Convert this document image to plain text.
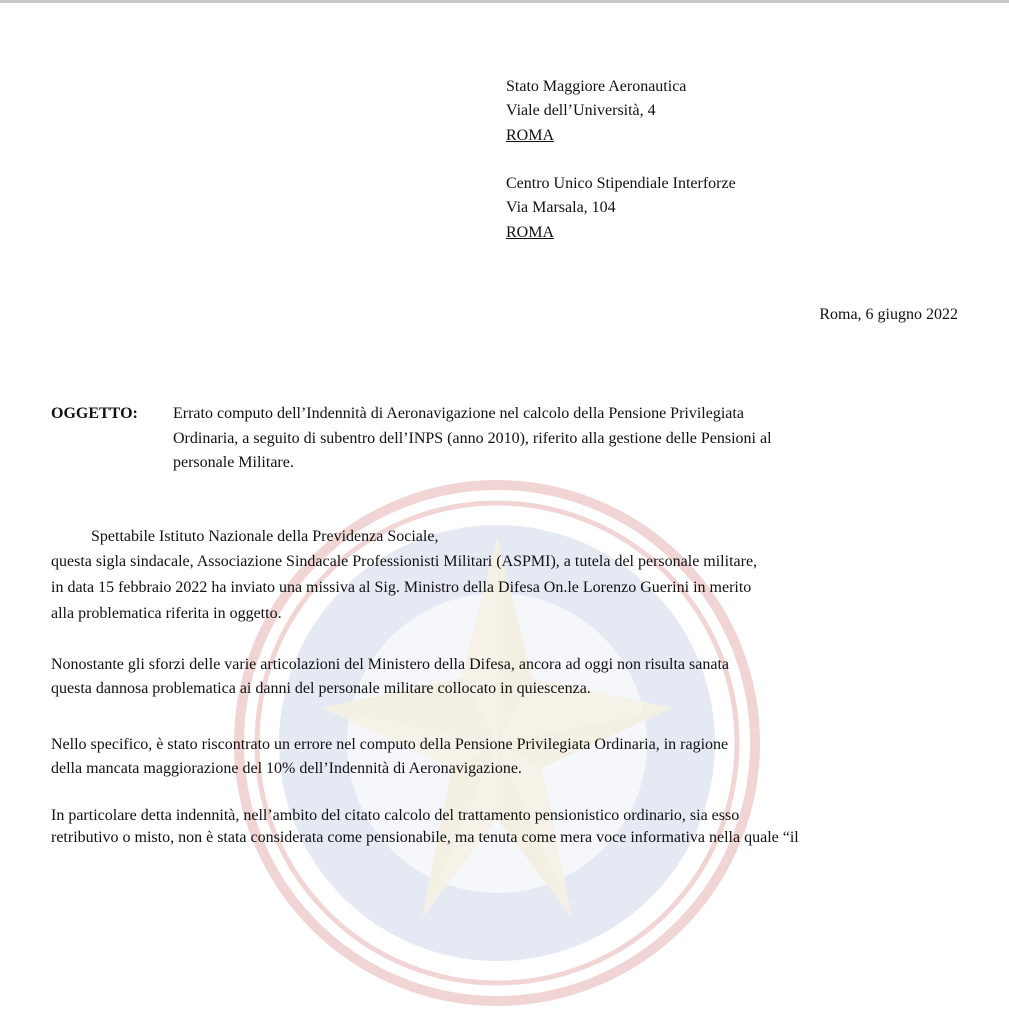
Stato Maggiore Aeronautica
Viale dell’Università, 4
ROMA
Centro Unico Stipendiale Interforze
Via Marsala, 104
ROMA
Roma, 6 giugno 2022
OGGETTO: Errato computo dell’Indennità di Aeronavigazione nel calcolo della Pensione Privilegiata
Ordinaria, a seguito di subentro dell’INPS (anno 2010), riferito alla gestione delle Pensioni al
personale Militare.
Spettabile Istituto Nazionale della Previdenza Sociale,
questa sigla sindacale, Associazione Sindacale Professionisti Militari (ASPMI), a tutela del personale militare,
in data 15 febbraio 2022 ha inviato una missiva al Sig. Ministro della Difesa On.le Lorenzo Guerini in merito
alla problematica riferita in oggetto.
Nonostante gli sforzi delle varie articolazioni del Ministero della Difesa, ancora ad oggi non risulta sanata
questa dannosa problematica ai danni del personale militare collocato in quiescenza.
Nello specifico, è stato riscontrato un errore nel computo della Pensione Privilegiata Ordinaria, in ragione
della mancata maggiorazione del 10% dell’Indennità di Aeronavigazione.
In particolare detta indennità, nell’ambito del citato calcolo del trattamento pensionistico ordinario, sia esso
retributivo o misto, non è stata considerata come pensionabile, ma tenuta come mera voce informativa nella quale “il
